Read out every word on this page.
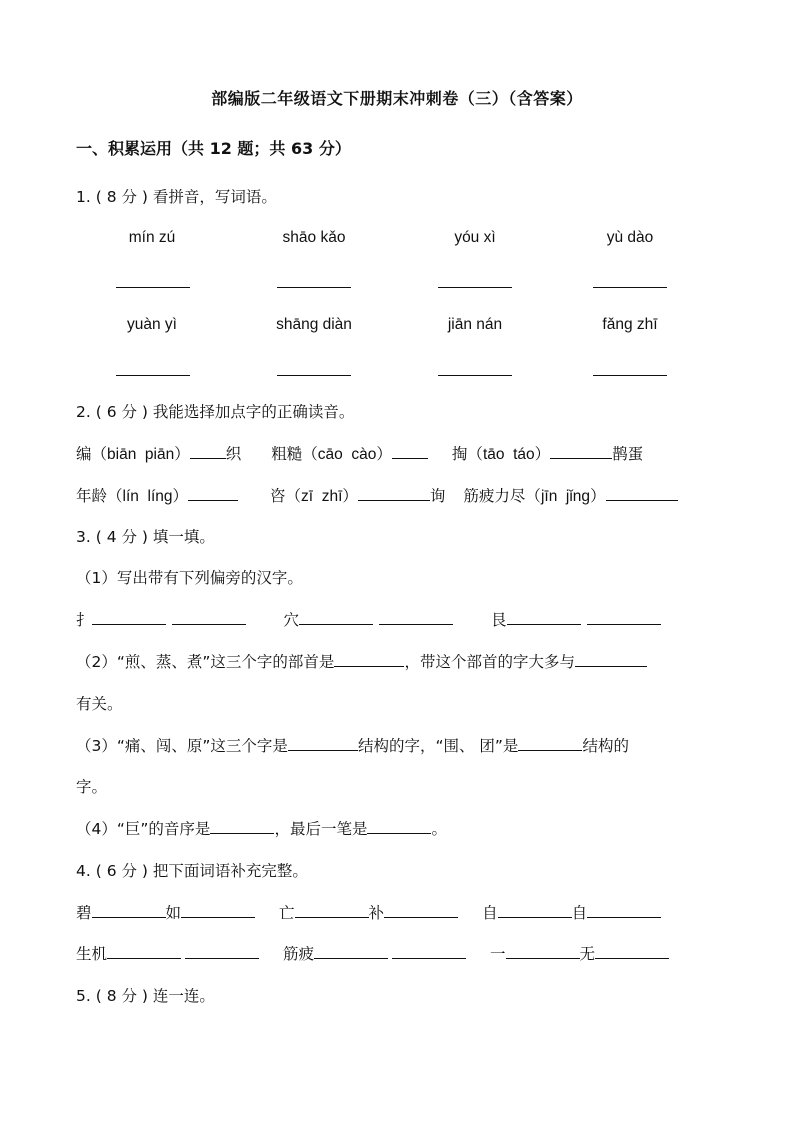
部编版二年级语文下册期末冲刺卷（三）（含答案）
一、积累运用（共 12 题；共 63 分）
1. ( 8 分 ) 看拼音，写词语。
mín zú	shāo kǎo	yóu xì	yù dào
yuàn yì	shāng diàn	jiān nán	fǎng zhī
2. ( 6 分 ) 我能选择加点字的正确读音。
编（biān  piān） 织 粗糙（cāo  cào）	掏（tāo  táo）	鹊蛋
年龄（lín  líng）	咨（zī  zhī）	询 筋疲力尽（jīn  jǐng）
3. ( 4 分 ) 填一填。
（1）写出带有下列偏旁的汉字。
扌	穴	艮
（2）“煎、蒸、煮”这三个字的部首是	，带这个部首的字大多与
有关。
（3）“痛、闯、原”这三个字是	结构的字，“围、 团”是	结构的
字。
（4）“巨”的音序是	，最后一笔是	。
4. ( 6 分 ) 把下面词语补充完整。
碧	如	亡	补	自	自
生机	筋疲	一	无
5. ( 8 分 ) 连一连。
